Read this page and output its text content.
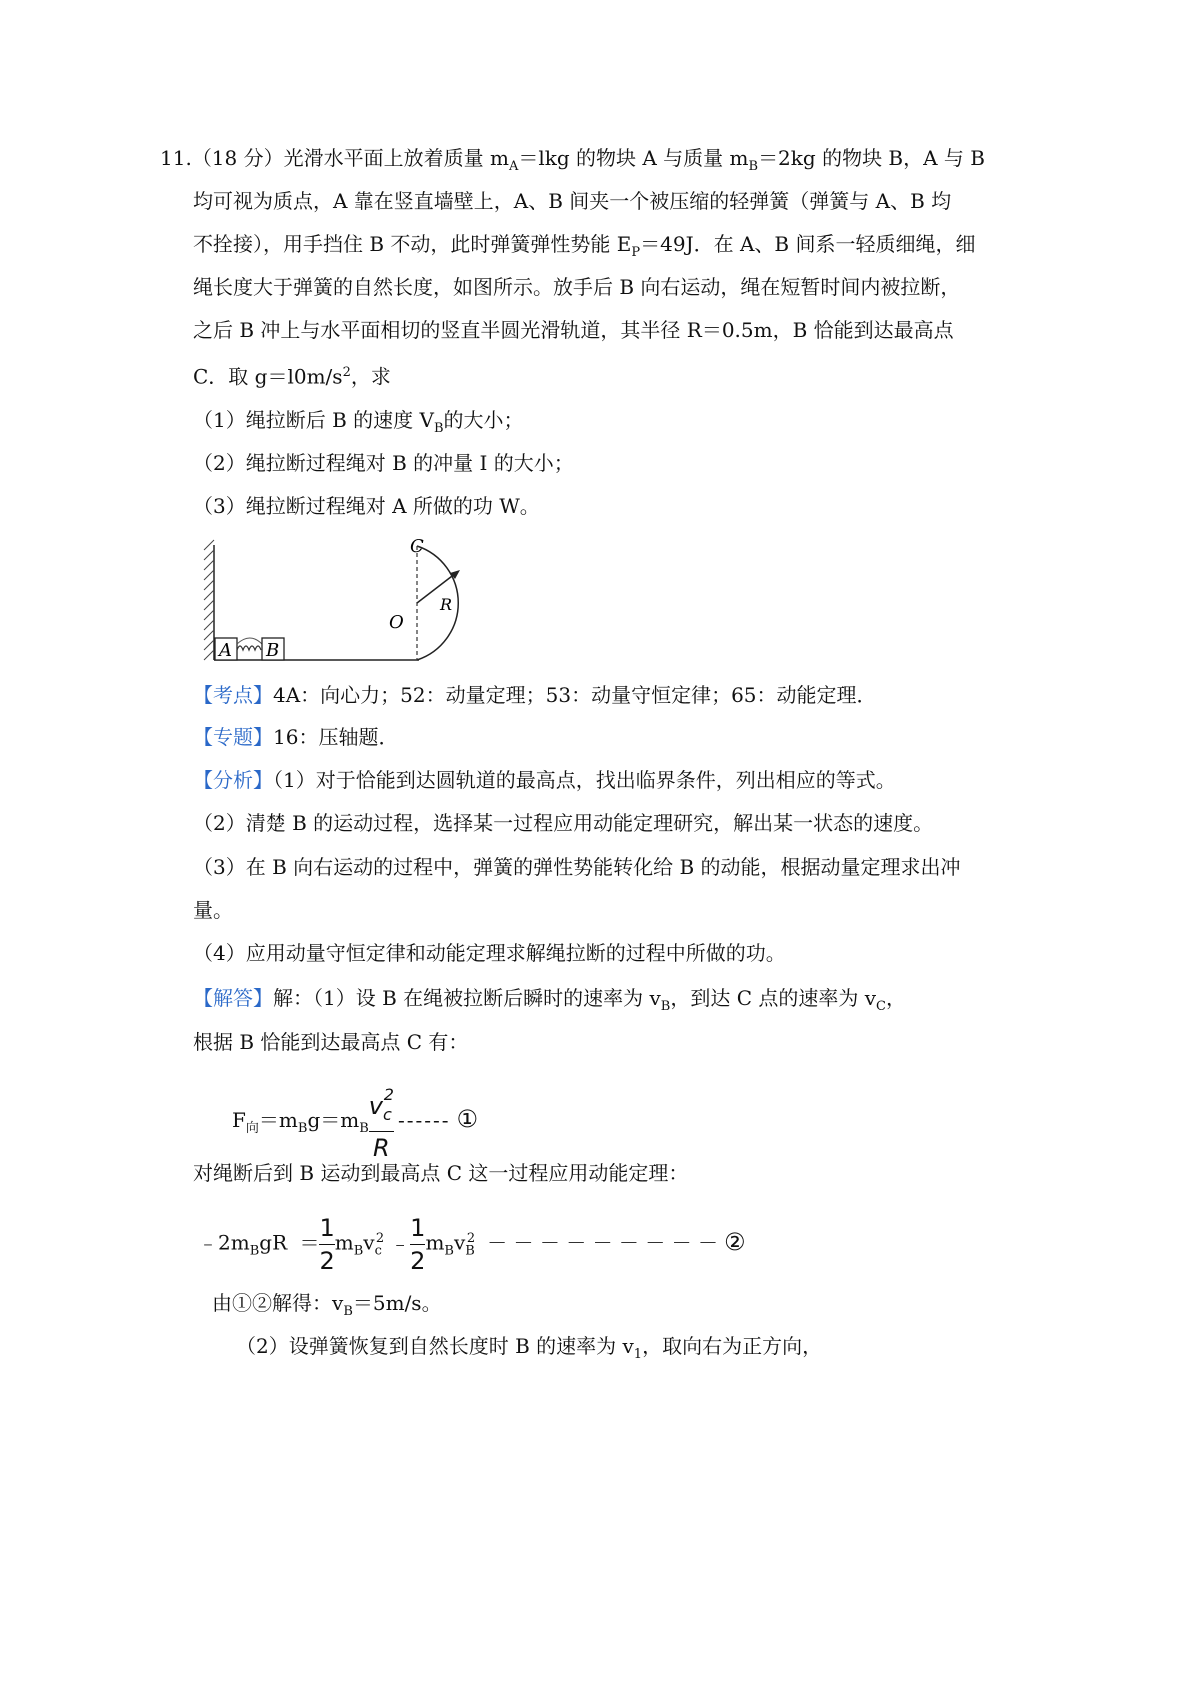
11.（18 分）光滑水平面上放着质量 $m_A=lkg$ 的物块 A 与质量 $m_B=2kg$ 的物块 B，A 与 B
均可视为质点，A 靠在竖直墙壁上，A、B 间夹一个被压缩的轻弹簧（弹簧与 A、B 均
不拴接），用手挡住 B 不动，此时弹簧弹性势能 $E_P=49J$．在 A、B 间系一轻质细绳，细
绳长度大于弹簧的自然长度，如图所示。放手后 B 向右运动，绳在短暂时间内被拉断，
之后 B 冲上与水平面相切的竖直半圆光滑轨道，其半径 R＝0.5m，B 恰能到达最高点
C．取 $g=l0m/s^2$，求
（1）绳拉断后 B 的速度 $V_B$的大小；
（2）绳拉断过程绳对 B 的冲量 I 的大小；
（3）绳拉断过程绳对 A 所做的功 W。
A B
C
O
R
【考点】4A：向心力；52：动量定理；53：动量守恒定律；65：动能定理．
【专题】16：压轴题．
【分析】（1）对于恰能到达圆轨道的最高点，找出临界条件，列出相应的等式。
（2）清楚 B 的运动过程，选择某一过程应用动能定理研究，解出某一状态的速度。
（3）在 B 向右运动的过程中，弹簧的弹性势能转化给 B 的动能，根据动量定理求出冲
量。
（4）应用动量守恒定律和动能定理求解绳拉断的过程中所做的功。
【解答】解：（1）设 B 在绳被拉断后瞬时的速率为 $v_B$，到达 C 点的速率为 $v_C$，
根据 B 恰能到达最高点 C 有：
$F_向=m_Bg=m_B \frac{v_c^2}{R}$ ------ ①
对绳断后到 B 运动到最高点 C 这一过程应用动能定理：
$﹣2m_BgR = \frac{1}{2} m_Bv_c^2$ ﹣ $\frac{1}{2} m_Bv_B^2$ － － － － － － － － － ②
由①②解得：$v_B=5m/s$。
（2）设弹簧恢复到自然长度时 B 的速率为 $v_1$，取向右为正方向，
